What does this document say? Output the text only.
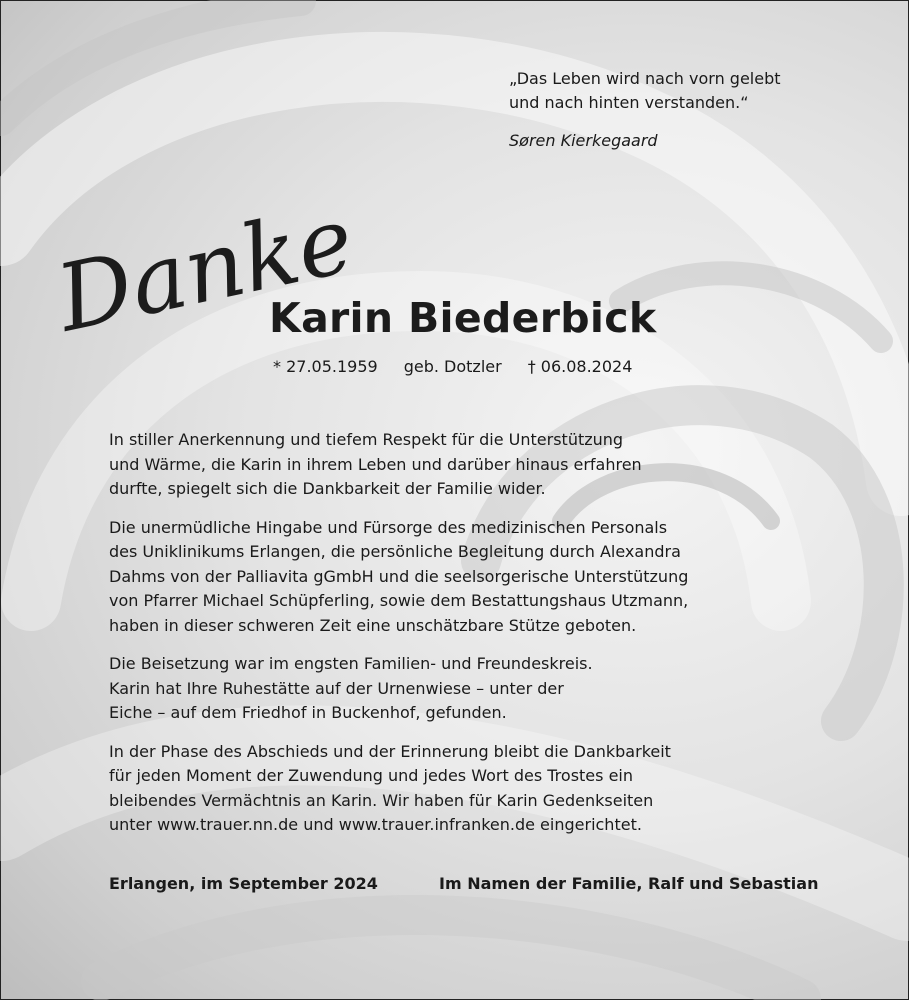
„Das Leben wird nach vorn gelebt
und nach hinten verstanden.“
Søren Kierkegaard
Danke
Karin Biederbick
* 27.05.1959 geb. Dotzler † 06.08.2024

In stiller Anerkennung und tiefem Respekt für die Unterstützung
und Wärme, die Karin in ihrem Leben und darüber hinaus erfahren
durfte, spiegelt sich die Dankbarkeit der Familie wider.

Die unermüdliche Hingabe und Fürsorge des medizinischen Personals
des Uniklinikums Erlangen, die persönliche Begleitung durch Alexandra
Dahms von der Palliavita gGmbH und die seelsorgerische Unterstützung
von Pfarrer Michael Schüpferling, sowie dem Bestattungshaus Utzmann,
haben in dieser schweren Zeit eine unschätzbare Stütze geboten.

Die Beisetzung war im engsten Familien- und Freundeskreis.
Karin hat Ihre Ruhestätte auf der Urnenwiese – unter der
Eiche – auf dem Friedhof in Buckenhof, gefunden.

In der Phase des Abschieds und der Erinnerung bleibt die Dankbarkeit
für jeden Moment der Zuwendung und jedes Wort des Trostes ein
bleibendes Vermächtnis an Karin. Wir haben für Karin Gedenkseiten
unter www.trauer.nn.de und www.trauer.infranken.de eingerichtet.

Erlangen, im September 2024	Im Namen der Familie, Ralf und Sebastian
